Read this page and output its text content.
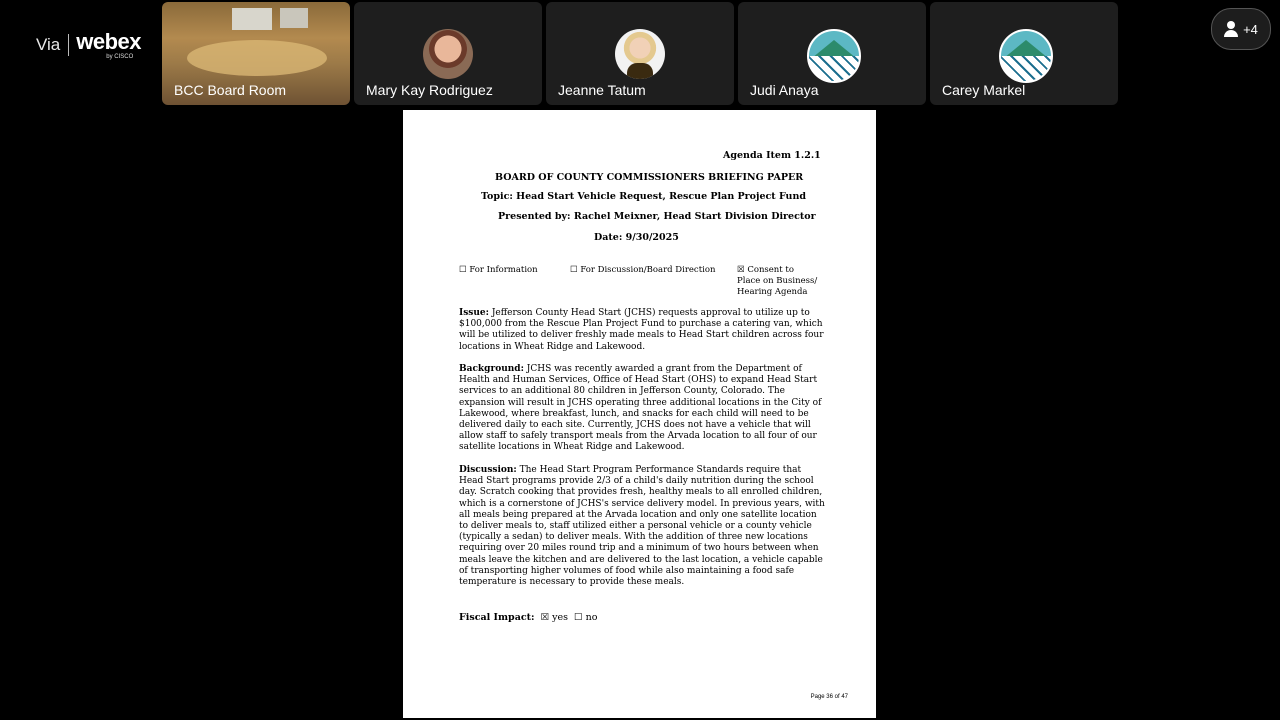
Via webex
by CISCO
BCC Board Room	Mary Kay Rodriguez	Jeanne Tatum	Judi Anaya	Carey Markel
+4
Agenda Item 1.2.1
BOARD OF COUNTY COMMISSIONERS BRIEFING PAPER
Topic: Head Start Vehicle Request, Rescue Plan Project Fund
Presented by: Rachel Meixner, Head Start Division Director
Date: 9/30/2025
☐ For Information	☐ For Discussion/Board Direction	☒ Consent to
Place on Business/
Hearing Agenda
Issue: Jefferson County Head Start (JCHS) requests approval to utilize up to $100,000 from the Rescue Plan Project Fund to purchase a catering van, which will be utilized to deliver freshly made meals to Head Start children across four locations in Wheat Ridge and Lakewood.
Background: JCHS was recently awarded a grant from the Department of Health and Human Services, Office of Head Start (OHS) to expand Head Start services to an additional 80 children in Jefferson County, Colorado. The expansion will result in JCHS operating three additional locations in the City of Lakewood, where breakfast, lunch, and snacks for each child will need to be delivered daily to each site. Currently, JCHS does not have a vehicle that will allow staff to safely transport meals from the Arvada location to all four of our satellite locations in Wheat Ridge and Lakewood.
Discussion: The Head Start Program Performance Standards require that Head Start programs provide 2/3 of a child's daily nutrition during the school day. Scratch cooking that provides fresh, healthy meals to all enrolled children, which is a cornerstone of JCHS's service delivery model. In previous years, with all meals being prepared at the Arvada location and only one satellite location to deliver meals to, staff utilized either a personal vehicle or a county vehicle (typically a sedan) to deliver meals. With the addition of three new locations requiring over 20 miles round trip and a minimum of two hours between when meals leave the kitchen and are delivered to the last location, a vehicle capable of transporting higher volumes of food while also maintaining a food safe temperature is necessary to provide these meals.
Fiscal Impact: ☒ yes ☐ no
Page 36 of 47
